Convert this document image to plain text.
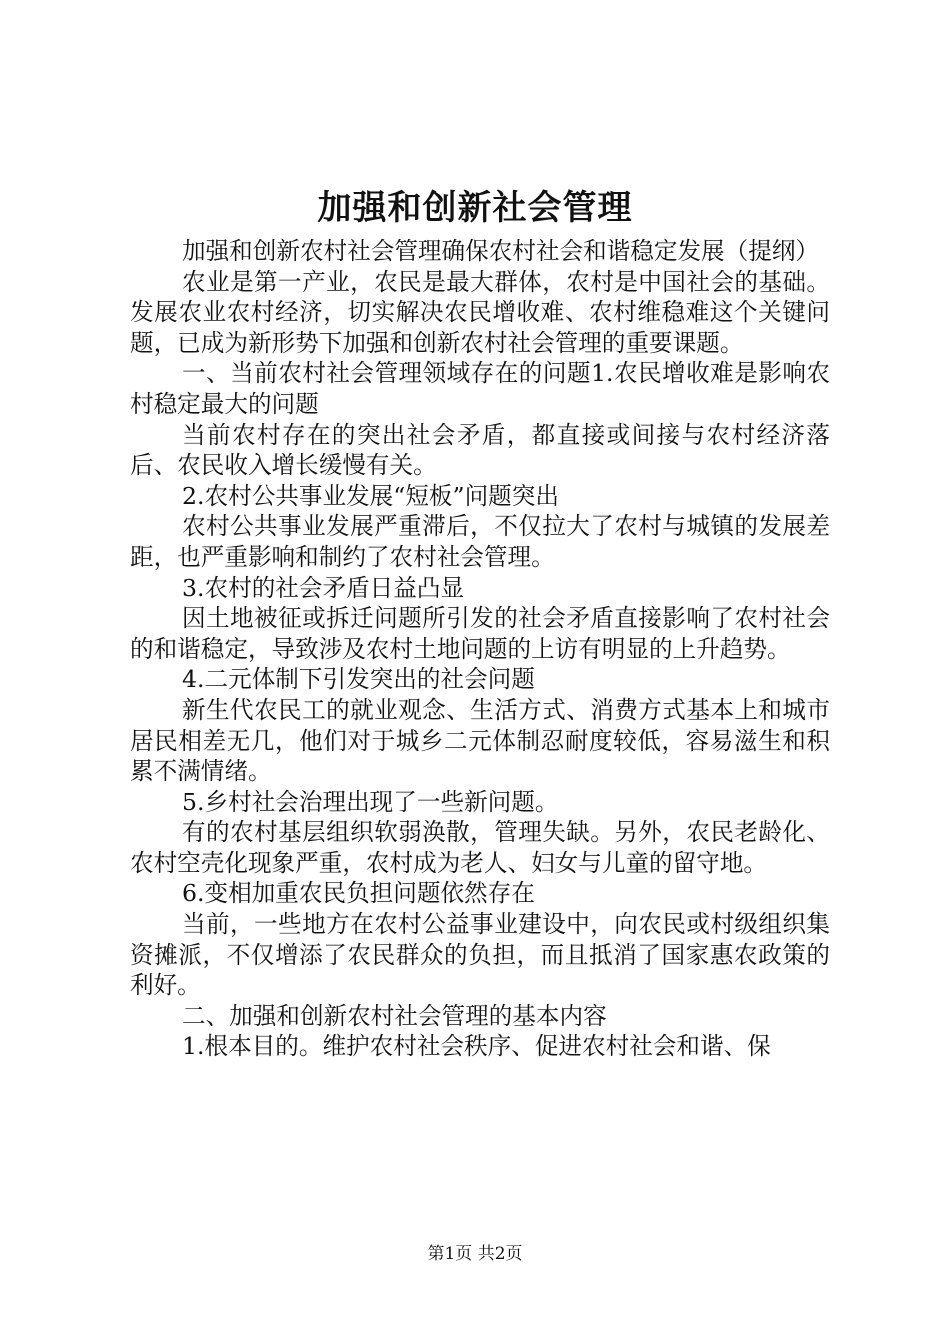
加强和创新社会管理

加强和创新农村社会管理确保农村社会和谐稳定发展（提纲）

农业是第一产业，农民是最大群体，农村是中国社会的基础。发展农业农村经济，切实解决农民增收难、农村维稳难这个关键问题，已成为新形势下加强和创新农村社会管理的重要课题。

一、当前农村社会管理领域存在的问题1.农民增收难是影响农村稳定最大的问题

当前农村存在的突出社会矛盾，都直接或间接与农村经济落后、农民收入增长缓慢有关。

2.农村公共事业发展“短板”问题突出

农村公共事业发展严重滞后，不仅拉大了农村与城镇的发展差距，也严重影响和制约了农村社会管理。

3.农村的社会矛盾日益凸显

因土地被征或拆迁问题所引发的社会矛盾直接影响了农村社会的和谐稳定，导致涉及农村土地问题的上访有明显的上升趋势。

4.二元体制下引发突出的社会问题

新生代农民工的就业观念、生活方式、消费方式基本上和城市居民相差无几，他们对于城乡二元体制忍耐度较低，容易滋生和积累不满情绪。

5.乡村社会治理出现了一些新问题。

有的农村基层组织软弱涣散，管理失缺。另外，农民老龄化、农村空壳化现象严重，农村成为老人、妇女与儿童的留守地。

6.变相加重农民负担问题依然存在

当前，一些地方在农村公益事业建设中，向农民或村级组织集资摊派，不仅增添了农民群众的负担，而且抵消了国家惠农政策的利好。

二、加强和创新农村社会管理的基本内容

1.根本目的。维护农村社会秩序、促进农村社会和谐、保

第1页 共2页
